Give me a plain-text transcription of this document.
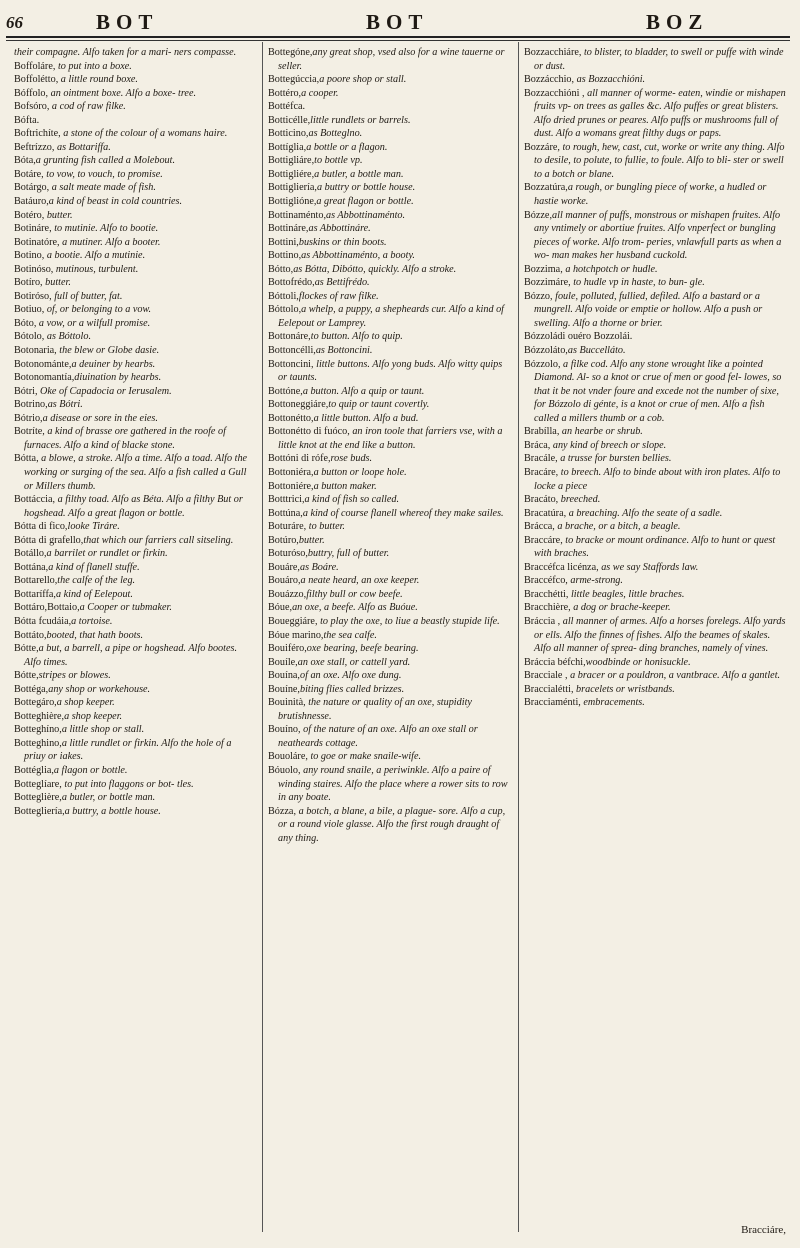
66	BOT	BOT	BOZ

their compagne. Alfo taken for a mari- ners compasse.

Boffoláre, to put into a boxe.

Boffolétto, a little round boxe.

Bóffolo, an ointment boxe. Alfo a boxe- tree.

Bofsóro, a cod of raw filke.

Bófta.

Boftrichíte, a stone of the colour of a womans haire.

Beftrízzo, as Bottariffa.

Bóta,a grunting fish called a Molebout.

Botáre, to vow, to vouch, to promise.

Botárgo, a salt meate made of fish.

Batáuro,a kind of beast in cold countries.

Botéro, butter.

Botináre, to mutinie. Alfo to bootie.

Botinatóre, a mutiner. Alfo a booter.

Botino, a bootie. Alfo a mutinie.

Botinóso, mutinous, turbulent.

Botíro, butter.

Botiróso, full of butter, fat.

Botiuo, of, or belonging to a vow.

Bóto, a vow, or a wilfull promise.

Bótolo, as Bóttolo.

Botonaria, the blew or Globe dasie.

Botonománte,a deuiner by hearbs.

Botonomantía,diuination by hearbs.

Bótri, Oke of Capadocia or Ierusalem.

Botrino,as Bótri.

Bótrio,a disease or sore in the eies.

Botríte, a kind of brasse ore gathered in the roofe of furnaces. Alfo a kind of blacke stone.

Bótta, a blowe, a stroke. Alfo a time. Alfo a toad. Alfo the working or surging of the sea. Alfo a fish called a Gull or Millers thumb.

Bottáccia, a filthy toad. Alfo as Béta. Alfo a filthy But or hogshead. Alfo a great flagon or bottle.

Bótta di fico,looke Tiráre.

Bótta di grafello,that which our farriers call sitseling.

Botállo,a barrilet or rundlet or firkin.

Bottána,a kind of flanell stuffe.

Bottarello,the calfe of the leg.

Bottaríffa,a kind of Eelepout.

Bottáro,Bottaio,a Cooper or tubmaker.

Bótta fcudáia,a tortoise.

Bottáto,booted, that hath boots.

Bótte,a but, a barrell, a pipe or hogshead. Alfo bootes. Alfo times.

Bótte,stripes or blowes.

Bottéga,any shop or workehouse.

Bottegáro,a shop keeper.

Botteghière,a shop keeper.

Botteghíno,a little shop or stall.

Botteghino,a little rundlet or firkin. Alfo the hole of a priuy or iakes.

Bottéglia,a flagon or bottle.

Botteglíare, to put into flaggons or bot- tles.

Botteglière,a butler, or bottle man.

Bottegliería,a buttry, a bottle house.

Bottegóne,any great shop, vsed also for a wine tauerne or seller.

Bottegúccia,a poore shop or stall.

Bottéro,a cooper.

Bottéfca.

Botticélle,little rundlets or barrels.

Botticino,as Botteglno.

Bottíglia,a bottle or a flagon.

Bottigliáre,to bottle vp.

Bottigliére,a butler, a bottle man.

Bottigliería,a buttry or bottle house.

Bottiglióne,a great flagon or bottle.

Bottinaménto,as Abbottinaménto.

Bottináre,as Abbottináre.

Bottini,buskins or thin boots.

Bottino,as Abbottinaménto, a booty.

Bótto,as Bótta, Dibótto, quickly. Alfo a stroke.

Bottofrédo,as Bettifrédo.

Bóttoli,flockes of raw filke.

Bóttolo,a whelp, a puppy, a shepheards cur. Alfo a kind of Eelepout or Lamprey.

Bottonáre,to button. Alfo to quip.

Bottoncélli,as Bottoncini.

Bottoncini, little buttons. Alfo yong buds. Alfo witty quips or taunts.

Bottóne,a button. Alfo a quip or taunt.

Bottoneggiáre,to quip or taunt covertly.

Bottonétto,a little button. Alfo a bud.

Bottonétto di fuóco, an iron toole that farriers vse, with a little knot at the end like a button.

Bottóni di rófe,rose buds.

Bottoniéra,a button or loope hole.

Bottoniére,a button maker.

Botttrici,a kind of fish so called.

Bottúna,a kind of course flanell whereof they make sailes.

Boturáre, to butter.

Botúro,butter.

Boturóso,buttry, full of butter.

Bouáre,as Boáre.

Bouáro,a neate heard, an oxe keeper.

Bouázzo,filthy bull or cow beefe.

Bóue,an oxe, a beefe. Alfo as Buóue.

Boueggiáre, to play the oxe, to liue a beastly stupide life.

Bóue marino,the sea calfe.

Bouiféro,oxe bearing, beefe bearing.

Bouíle,an oxe stall, or cattell yard.

Bouína,of an oxe. Alfo oxe dung.

Bouíne,biting flies called brizzes.

Bouinità, the nature or quality of an oxe, stupidity brutishnesse.

Bouíno, of the nature of an oxe. Alfo an oxe stall or neatheards cottage.

Bouoláre, to goe or make snaile-wife.

Bóuolo, any round snaile, a periwinkle. Alfo a paire of winding staires. Alfo the place where a rower sits to row in any boate.

Bózza, a botch, a blane, a bile, a plague- sore. Alfo a cup, or a round viole glasse. Alfo the first rough draught of any thing.

Bozzacchiáre, to blister, to bladder, to swell or puffe with winde or dust.

Bozzácchio, as Bozzacchióni.

Bozzacchióni , all manner of worme- eaten, windie or mishapen fruits vp- on trees as galles &c. Alfo puffes or great blisters. Alfo dried prunes or peares. Alfo puffs or mushrooms full of dust. Alfo a womans great filthy dugs or paps.

Bozzáre, to rough, hew, cast, cut, worke or write any thing. Alfo to desile, to polute, to fullie, to foule. Alfo to bli- ster or swell to a botch or blane.

Bozzatúra,a rough, or bungling piece of worke, a hudled or hastie worke.

Bózze,all manner of puffs, monstrous or mishapen fruites. Alfo any vntimely or abortiue fruites. Alfo vnperfect or bungling pieces of worke. Alfo trom- peries, vnlawfull parts as when a wo- man makes her husband cuckold.

Bozzima, a hotchpotch or hudle.

Bozzimáre, to hudle vp in haste, to bun- gle.

Bózzo, foule, polluted, fullied, defiled. Alfo a bastard or a mungrell. Alfo voide or emptie or hollow. Alfo a push or swelling. Alfo a thorne or brier.

Bózzoládi ouéro Bozzolái.

Bózzoláto,as Buccelláto.

Bózzolo, a filke cod. Alfo any stone wrought like a pointed Diamond. Al- so a knot or crue of men or good fel- lowes, so that it be not vnder foure and excede not the number of sixe, for Bózzolo di génte, is a knot or crue of men. Alfo a fish called a millers thumb or a cob.

Brabílla, an hearbe or shrub.

Bráca, any kind of breech or slope.

Bracále, a trusse for bursten bellies.

Bracáre, to breech. Alfo to binde about with iron plates. Alfo to locke a piece

Bracáto, breeched.

Bracatúra, a breaching. Alfo the seate of a sadle.

Brácca, a brache, or a bitch, a beagle.

Braccáre, to bracke or mount ordinance. Alfo to hunt or quest with braches.

Braccéfca licénza, as we say Staffords law.

Braccéfco, arme-strong.

Bracchétti, little beagles, little braches.

Bracchière, a dog or brache-keeper.

Bráccia , all manner of armes. Alfo a horses forelegs. Alfo yards or ells. Alfo the finnes of fishes. Alfo the beames of skales. Alfo all manner of sprea- ding branches, namely of vines.

Bráccia béfchi,woodbinde or honisuckle.

Bracciale , a bracer or a pouldron, a vantbrace. Alfo a gantlet.

Braccialétti, bracelets or wristbands.

Bracciaménti, embracements.

Bracciáre,
